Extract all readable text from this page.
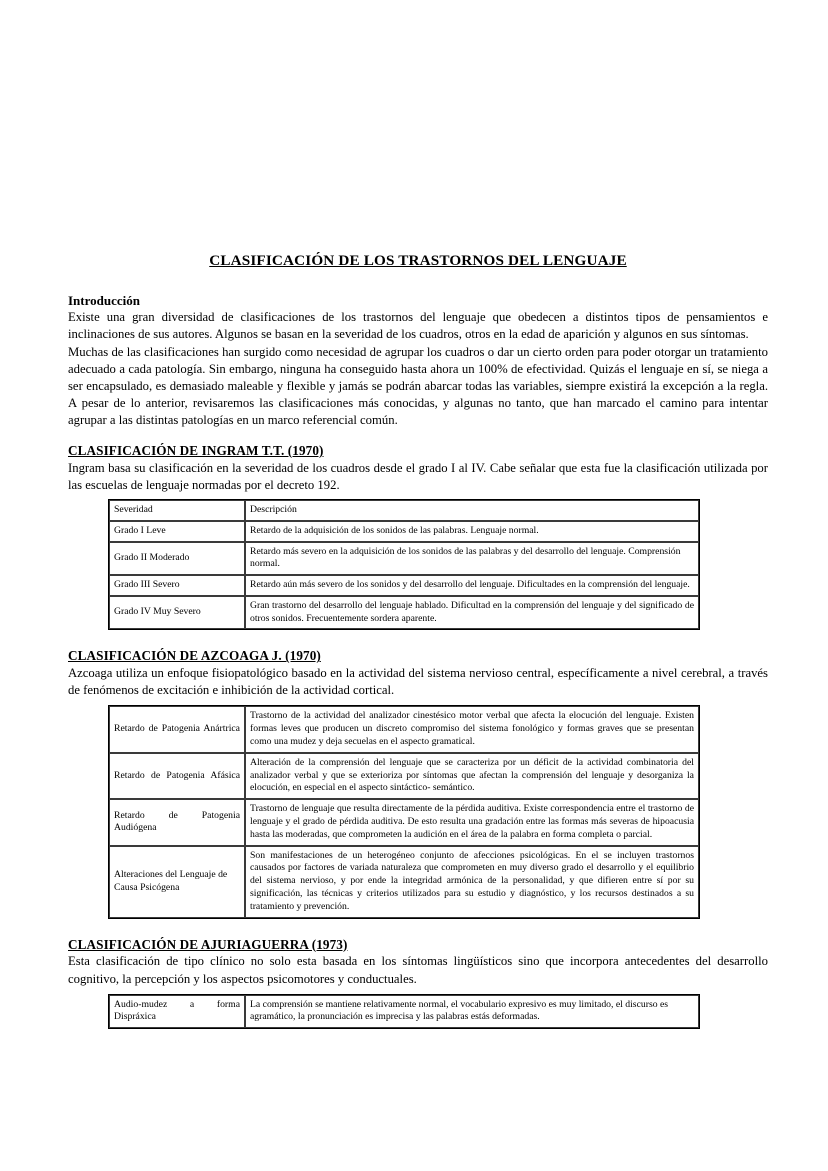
CLASIFICACIÓN DE LOS TRASTORNOS DEL LENGUAJE
Introducción

Existe una gran diversidad de clasificaciones de los trastornos del lenguaje que obedecen a distintos tipos de pensamientos e inclinaciones de sus autores. Algunos se basan en la severidad de los cuadros, otros en la edad de aparición y algunos en sus síntomas.

Muchas de las clasificaciones han surgido como necesidad de agrupar los cuadros o dar un cierto orden para poder otorgar un tratamiento adecuado a cada patología. Sin embargo, ninguna ha conseguido hasta ahora un 100% de efectividad. Quizás el lenguaje en sí, se niega a ser encapsulado, es demasiado maleable y flexible y jamás se podrán abarcar todas las variables, siempre existirá la excepción a la regla. A pesar de lo anterior, revisaremos las clasificaciones más conocidas, y algunas no tanto, que han marcado el camino para intentar agrupar a las distintas patologías en un marco referencial común.

CLASIFICACIÓN DE INGRAM T.T. (1970)

Ingram basa su clasificación en la severidad de los cuadros desde el grado I al IV. Cabe señalar que esta fue la clasificación utilizada por las escuelas de lenguaje normadas por el decreto 192.

Severidad	Descripción
Grado I Leve	Retardo de la adquisición de los sonidos de las palabras. Lenguaje normal.
Grado II Moderado	Retardo más severo en la adquisición de los sonidos de las palabras y del desarrollo del lenguaje. Comprensión normal.
Grado III Severo	Retardo aún más severo de los sonidos y del desarrollo del lenguaje. Dificultades en la comprensión del lenguaje.
Grado IV Muy Severo	Gran trastorno del desarrollo del lenguaje hablado. Dificultad en la comprensión del lenguaje y del significado de otros sonidos. Frecuentemente sordera aparente.
CLASIFICACIÓN DE AZCOAGA J. (1970)

Azcoaga utiliza un enfoque fisiopatológico basado en la actividad del sistema nervioso central, específicamente a nivel cerebral, a través de fenómenos de excitación e inhibición de la actividad cortical.

Retardo de Patogenia Anártrica	Trastorno de la actividad del analizador cinestésico motor verbal que afecta la elocución del lenguaje. Existen formas leves que producen un discreto compromiso del sistema fonológico y formas graves que se presentan como una mudez y deja secuelas en el aspecto gramatical.
Retardo de Patogenia Afásica	Alteración de la comprensión del lenguaje que se caracteriza por un déficit de la actividad combinatoria del analizador verbal y que se exterioriza por síntomas que afectan la comprensión del lenguaje y desorganiza la elocución, en especial en el aspecto sintáctico- semántico.
Retardo de Patogenia Audiógena	Trastorno de lenguaje que resulta directamente de la pérdida auditiva. Existe correspondencia entre el trastorno de lenguaje y el grado de pérdida auditiva. De esto resulta una gradación entre las formas más severas de hipoacusia hasta las moderadas, que comprometen la audición en el área de la palabra en forma completa o parcial.
Alteraciones del Lenguaje de Causa Psicógena	Son manifestaciones de un heterogéneo conjunto de afecciones psicológicas. En el se incluyen trastornos causados por factores de variada naturaleza que comprometen en muy diverso grado el desarrollo y el equilibrio del sistema nervioso, y por ende la integridad armónica de la personalidad, y que difieren entre sí por su significación, las técnicas y criterios utilizados para su estudio y diagnóstico, y los recursos destinados a su tratamiento y prevención.
CLASIFICACIÓN DE AJURIAGUERRA (1973)

Esta clasificación de tipo clínico no solo esta basada en los síntomas lingüísticos sino que incorpora antecedentes del desarrollo cognitivo, la percepción y los aspectos psicomotores y conductuales.

Audio-mudez a forma Dispráxica	La comprensión se mantiene relativamente normal, el vocabulario expresivo es muy limitado, el discurso es agramático, la pronunciación es imprecisa y las palabras estás deformadas.
